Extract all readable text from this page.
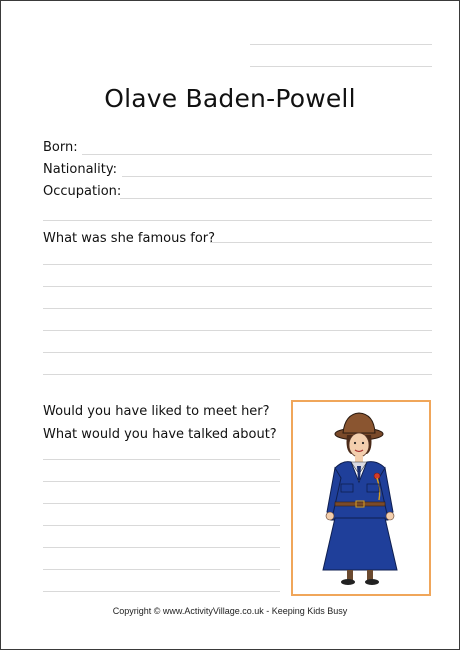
Olave Baden-Powell
Born:
Nationality:
Occupation:
What was she famous for?
Would you have liked to meet her?
What would you have talked about?
Copyright © www.ActivityVillage.co.uk - Keeping Kids Busy
